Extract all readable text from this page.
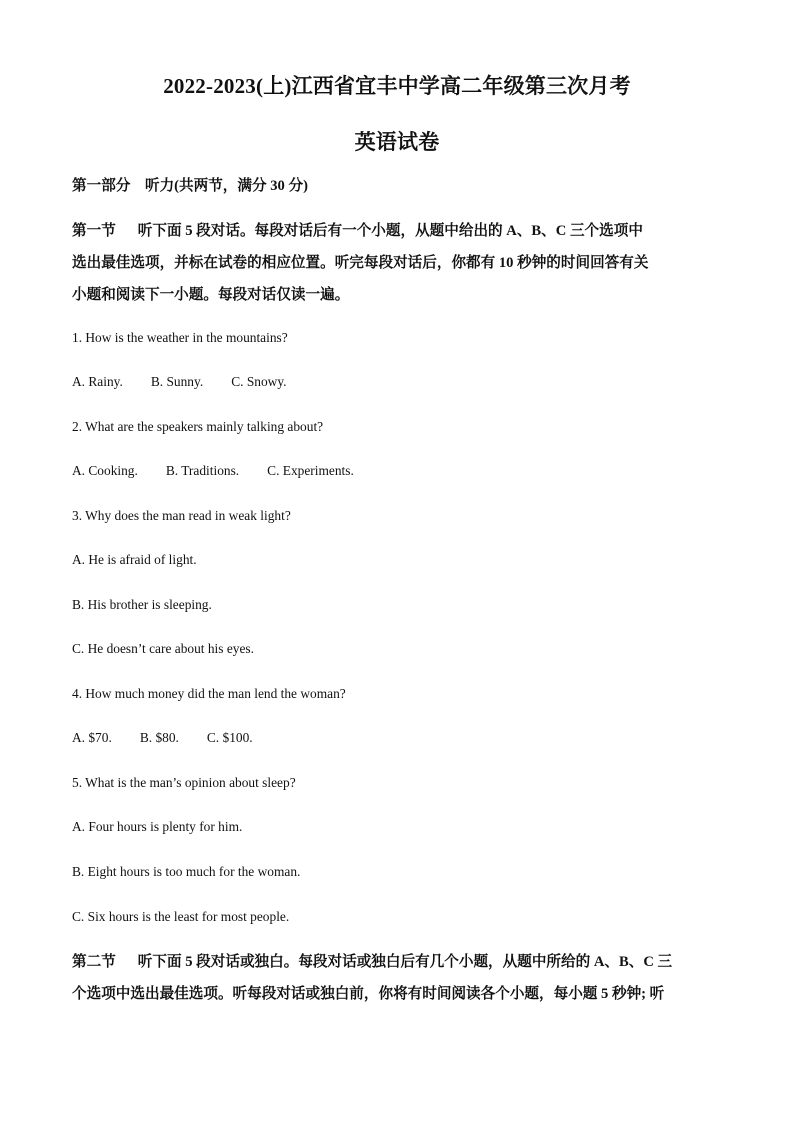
2022-2023(上)江西省宜丰中学高二年级第三次月考
英语试卷
第一部分　听力(共两节，满分 30 分)
第一节 听下面 5 段对话。每段对话后有一个小题，从题中给出的 A、B、C 三个选项中
选出最佳选项，并标在试卷的相应位置。听完每段对话后，你都有 10 秒钟的时间回答有关
小题和阅读下一小题。每段对话仅读一遍。
1. How is the weather in the mountains?
A. Rainy. B. Sunny. C. Snowy.
2. What are the speakers mainly talking about?
A. Cooking. B. Traditions. C. Experiments.
3. Why does the man read in weak light?
A. He is afraid of light.
B. His brother is sleeping.
C. He doesn’t care about his eyes.
4. How much money did the man lend the woman?
A. $70. B. $80. C. $100.
5. What is the man’s opinion about sleep?
A. Four hours is plenty for him.
B. Eight hours is too much for the woman.
C. Six hours is the least for most people.
第二节 听下面 5 段对话或独白。每段对话或独白后有几个小题，从题中所给的 A、B、C 三
个选项中选出最佳选项。听每段对话或独白前，你将有时间阅读各个小题，每小题 5 秒钟; 听
